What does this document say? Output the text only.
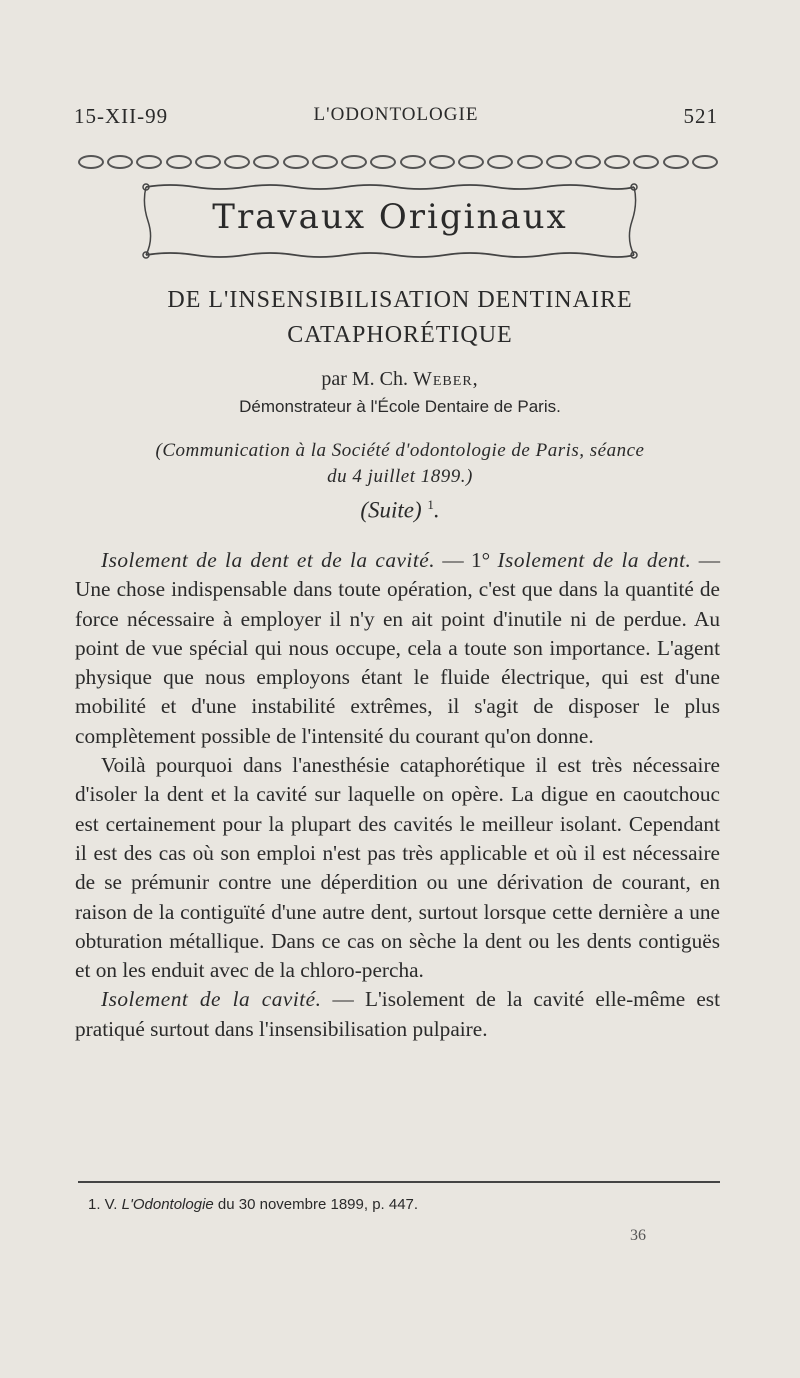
15-XII-99	L'ODONTOLOGIE	521
Travaux Originaux
DE L'INSENSIBILISATION DENTINAIRE
CATAPHORÉTIQUE
par M. Ch. Weber,
Démonstrateur à l'École Dentaire de Paris.
(Communication à la Société d'odontologie de Paris, séance
du 4 juillet 1899.)
(Suite) $^1$.

Isolement de la dent et de la cavité. — 1° Isolement de la dent. — Une chose indispensable dans toute opération, c'est que dans la quantité de force nécessaire à employer il n'y en ait point d'inutile ni de perdue. Au point de vue spécial qui nous occupe, cela a toute son importance. L'agent physique que nous employons étant le fluide électrique, qui est d'une mobilité et d'une instabilité extrêmes, il s'agit de disposer le plus complètement possible de l'intensité du courant qu'on donne.

Voilà pourquoi dans l'anesthésie cataphorétique il est très nécessaire d'isoler la dent et la cavité sur laquelle on opère. La digue en caoutchouc est certainement pour la plupart des cavités le meilleur isolant. Cependant il est des cas où son emploi n'est pas très applicable et où il est nécessaire de se prémunir contre une déperdition ou une dérivation de courant, en raison de la contiguïté d'une autre dent, surtout lorsque cette dernière a une obturation métallique. Dans ce cas on sèche la dent ou les dents contiguës et on les enduit avec de la chloro-percha.

Isolement de la cavité. — L'isolement de la cavité elle-même est pratiqué surtout dans l'insensibilisation pulpaire.

1. V. L'Odontologie du 30 novembre 1899, p. 447.
36
